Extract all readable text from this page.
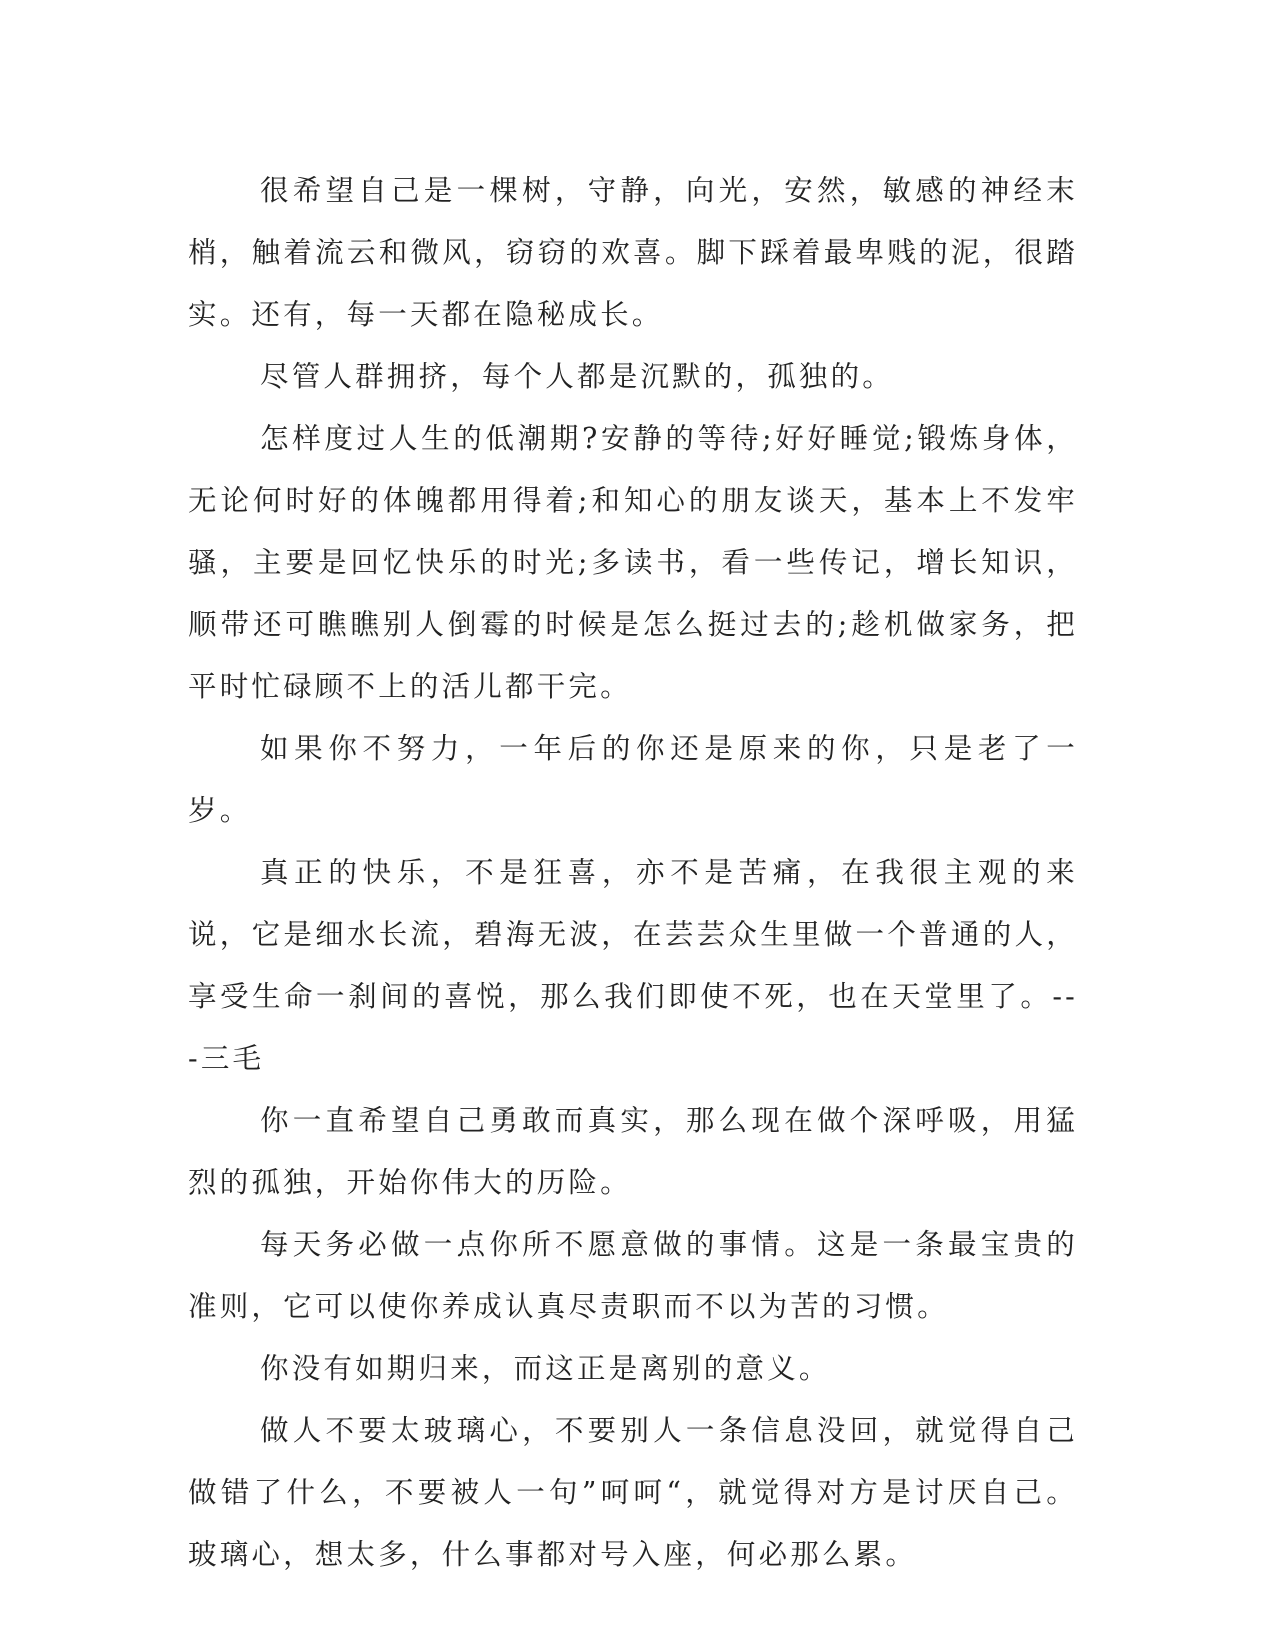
很希望自己是一棵树，守静，向光，安然，敏感的神经末梢，触着流云和微风，窃窃的欢喜。脚下踩着最卑贱的泥，很踏实。还有，每一天都在隐秘成长。

尽管人群拥挤，每个人都是沉默的，孤独的。

怎样度过人生的低潮期?安静的等待;好好睡觉;锻炼身体，无论何时好的体魄都用得着;和知心的朋友谈天，基本上不发牢骚，主要是回忆快乐的时光;多读书，看一些传记，增长知识，顺带还可瞧瞧别人倒霉的时候是怎么挺过去的;趁机做家务，把平时忙碌顾不上的活儿都干完。

如果你不努力，一年后的你还是原来的你，只是老了一岁。

真正的快乐，不是狂喜，亦不是苦痛，在我很主观的来说，它是细水长流，碧海无波，在芸芸众生里做一个普通的人，享受生命一刹间的喜悦，那么我们即使不死，也在天堂里了。---三毛

你一直希望自己勇敢而真实，那么现在做个深呼吸，用猛烈的孤独，开始你伟大的历险。

每天务必做一点你所不愿意做的事情。这是一条最宝贵的准则，它可以使你养成认真尽责职而不以为苦的习惯。

你没有如期归来，而这正是离别的意义。

做人不要太玻璃心，不要别人一条信息没回，就觉得自己做错了什么，不要被人一句”呵呵“，就觉得对方是讨厌自己。玻璃心，想太多，什么事都对号入座，何必那么累。
